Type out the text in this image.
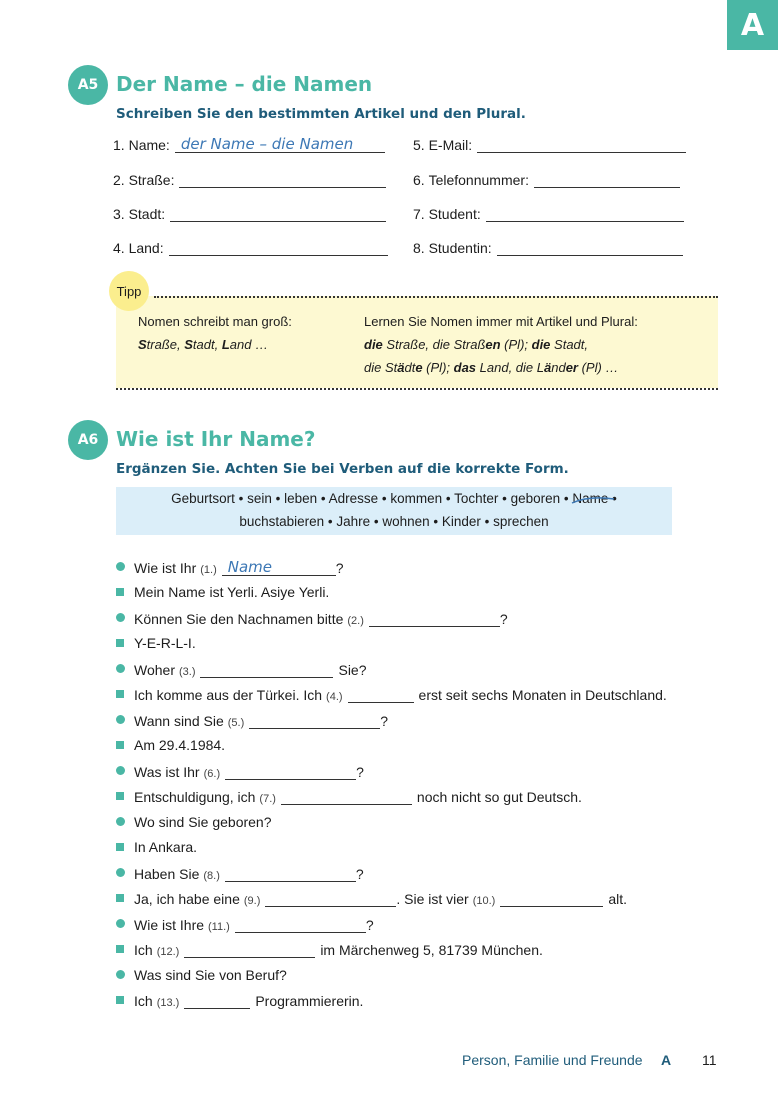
A
A5 Der Name – die Namen
Schreiben Sie den bestimmten Artikel und den Plural.
1.
Name: der Name – die Namen
2.
Straße:
3.
Stadt:
4.
Land:
5.
E-Mail:
6.
Telefonnummer:
7.
Student:
8.
Studentin:
Tipp
Nomen schreibt man groß:
Straße, Stadt, Land …
Lernen Sie Nomen immer mit Artikel und Plural:
die Straße, die Straßen (Pl); die Stadt,
die Städte (Pl); das Land, die Länder (Pl) …
A6 Wie ist Ihr Name?
Ergänzen Sie. Achten Sie bei Verben auf die korrekte Form.
Geburtsort • sein • leben • Adresse • kommen • Tochter • geboren • Name
•
buchstabieren • Jahre • wohnen • Kinder • sprechen
Wie ist Ihr (1.) Name	?
Mein Name ist Yerli. Asiye Yerli.
Können Sie den Nachnamen bitte (2.)	?
Y-E-R-L-I.
Woher (3.)	Sie?
Ich komme aus der Türkei. Ich (4.)	erst seit sechs Monaten in Deutschland.
Wann sind Sie (5.)	?
Am 29.4.1984.
Was ist Ihr (6.)	?
Entschuldigung, ich (7.)	noch nicht so gut Deutsch.
Wo sind Sie geboren?
In Ankara.
Haben Sie (8.)	?
Ja, ich habe eine (9.)	. Sie ist vier (10.)	alt.
Wie ist Ihre (11.)	?
Ich (12.)	im Märchenweg 5, 81739 München.
Was sind Sie von Beruf?
Ich (13.)	Programmiererin.
Person, Familie und Freunde A 11
